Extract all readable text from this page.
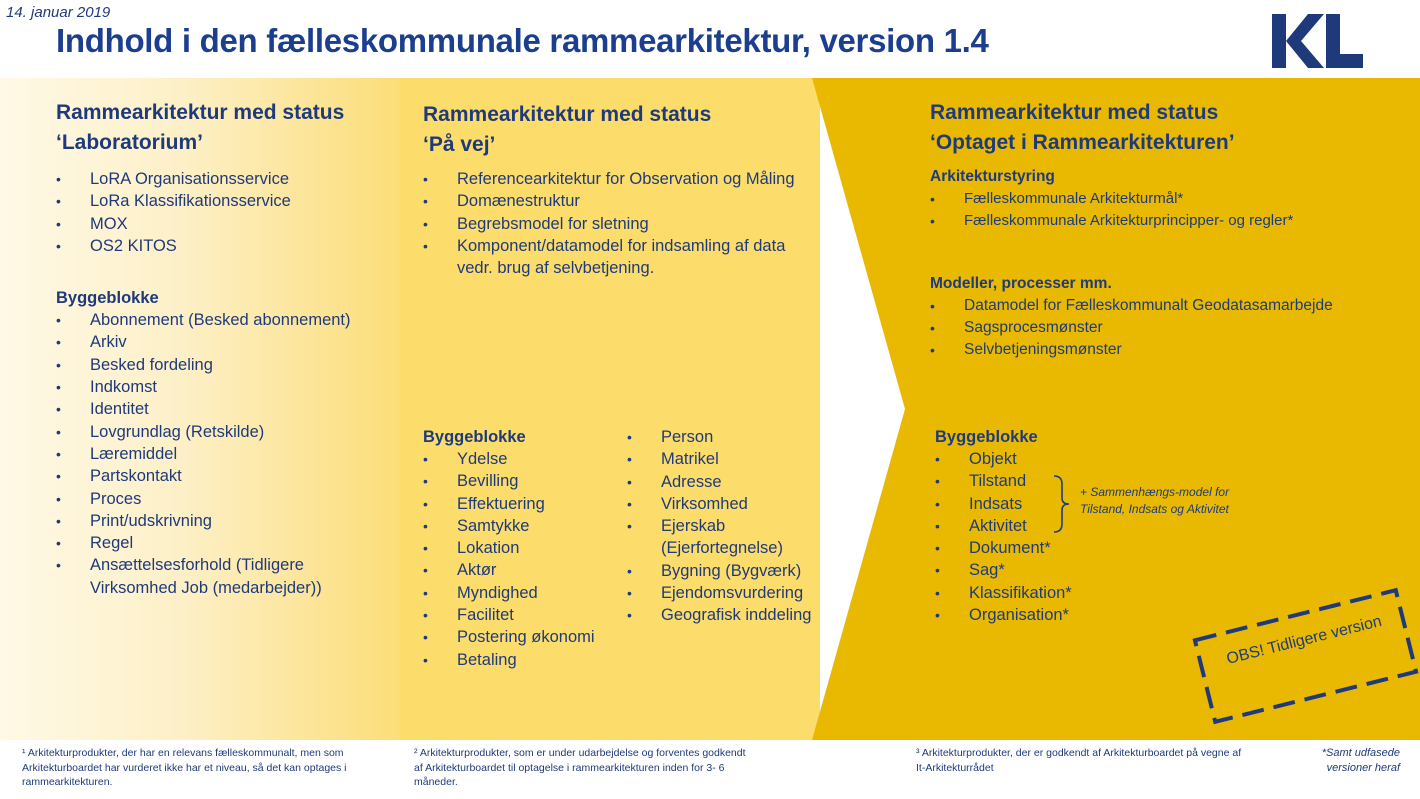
14. januar 2019
Indhold i den fælleskommunale rammearkitektur, version 1.4
Rammearkitektur med status
‘Laboratorium’
• LoRA Organisationsservice
• LoRa Klassifikationsservice
• MOX
• OS2 KITOS
Byggeblokke
• Abonnement (Besked abonnement)
• Arkiv
• Besked fordeling
• Indkomst
• Identitet
• Lovgrundlag (Retskilde)
• Læremiddel
• Partskontakt
• Proces
• Print/udskrivning
• Regel
• Ansættelsesforhold (Tidligere Virksomhed Job (medarbejder))
Rammearkitektur med status
‘På vej’
• Referencearkitektur for Observation og Måling
• Domænestruktur
• Begrebsmodel for sletning
• Komponent/datamodel for indsamling af data vedr. brug af selvbetjening.
Byggeblokke
• Ydelse
• Bevilling
• Effektuering
• Samtykke
• Lokation
• Aktør
• Myndighed
• Facilitet
• Postering økonomi
• Betaling
• Person
• Matrikel
• Adresse
• Virksomhed
• Ejerskab (Ejerfortegnelse)
• Bygning (Bygværk)
• Ejendomsvurdering
• Geografisk inddeling
Rammearkitektur med status
‘Optaget i Rammearkitekturen’
Arkitekturstyring
• Fælleskommunale Arkitekturmål*
• Fælleskommunale Arkitekturprincipper- og regler*
Modeller, processer mm.
• Datamodel for Fælleskommunalt Geodatasamarbejde
• Sagsprocesmønster
• Selvbetjeningsmønster
Byggeblokke
• Objekt
• Tilstand
• Indsats
• Aktivitet
• Dokument*
• Sag*
• Klassifikation*
• Organisation*
+ Sammenhængs-model for Tilstand, Indsats og Aktivitet
OBS! Tidligere version
¹ Arkitekturprodukter, der har en relevans fælleskommunalt, men som Arkitekturboardet har vurderet ikke har et niveau, så det kan optages i rammearkitekturen.
² Arkitekturprodukter, som er under udarbejdelse og forventes godkendt af Arkitekturboardet til optagelse i rammearkitekturen inden for 3- 6 måneder.
³ Arkitekturprodukter, der er godkendt af Arkitekturboardet på vegne af It-Arkitekturrådet
*Samt udfasede versioner heraf
